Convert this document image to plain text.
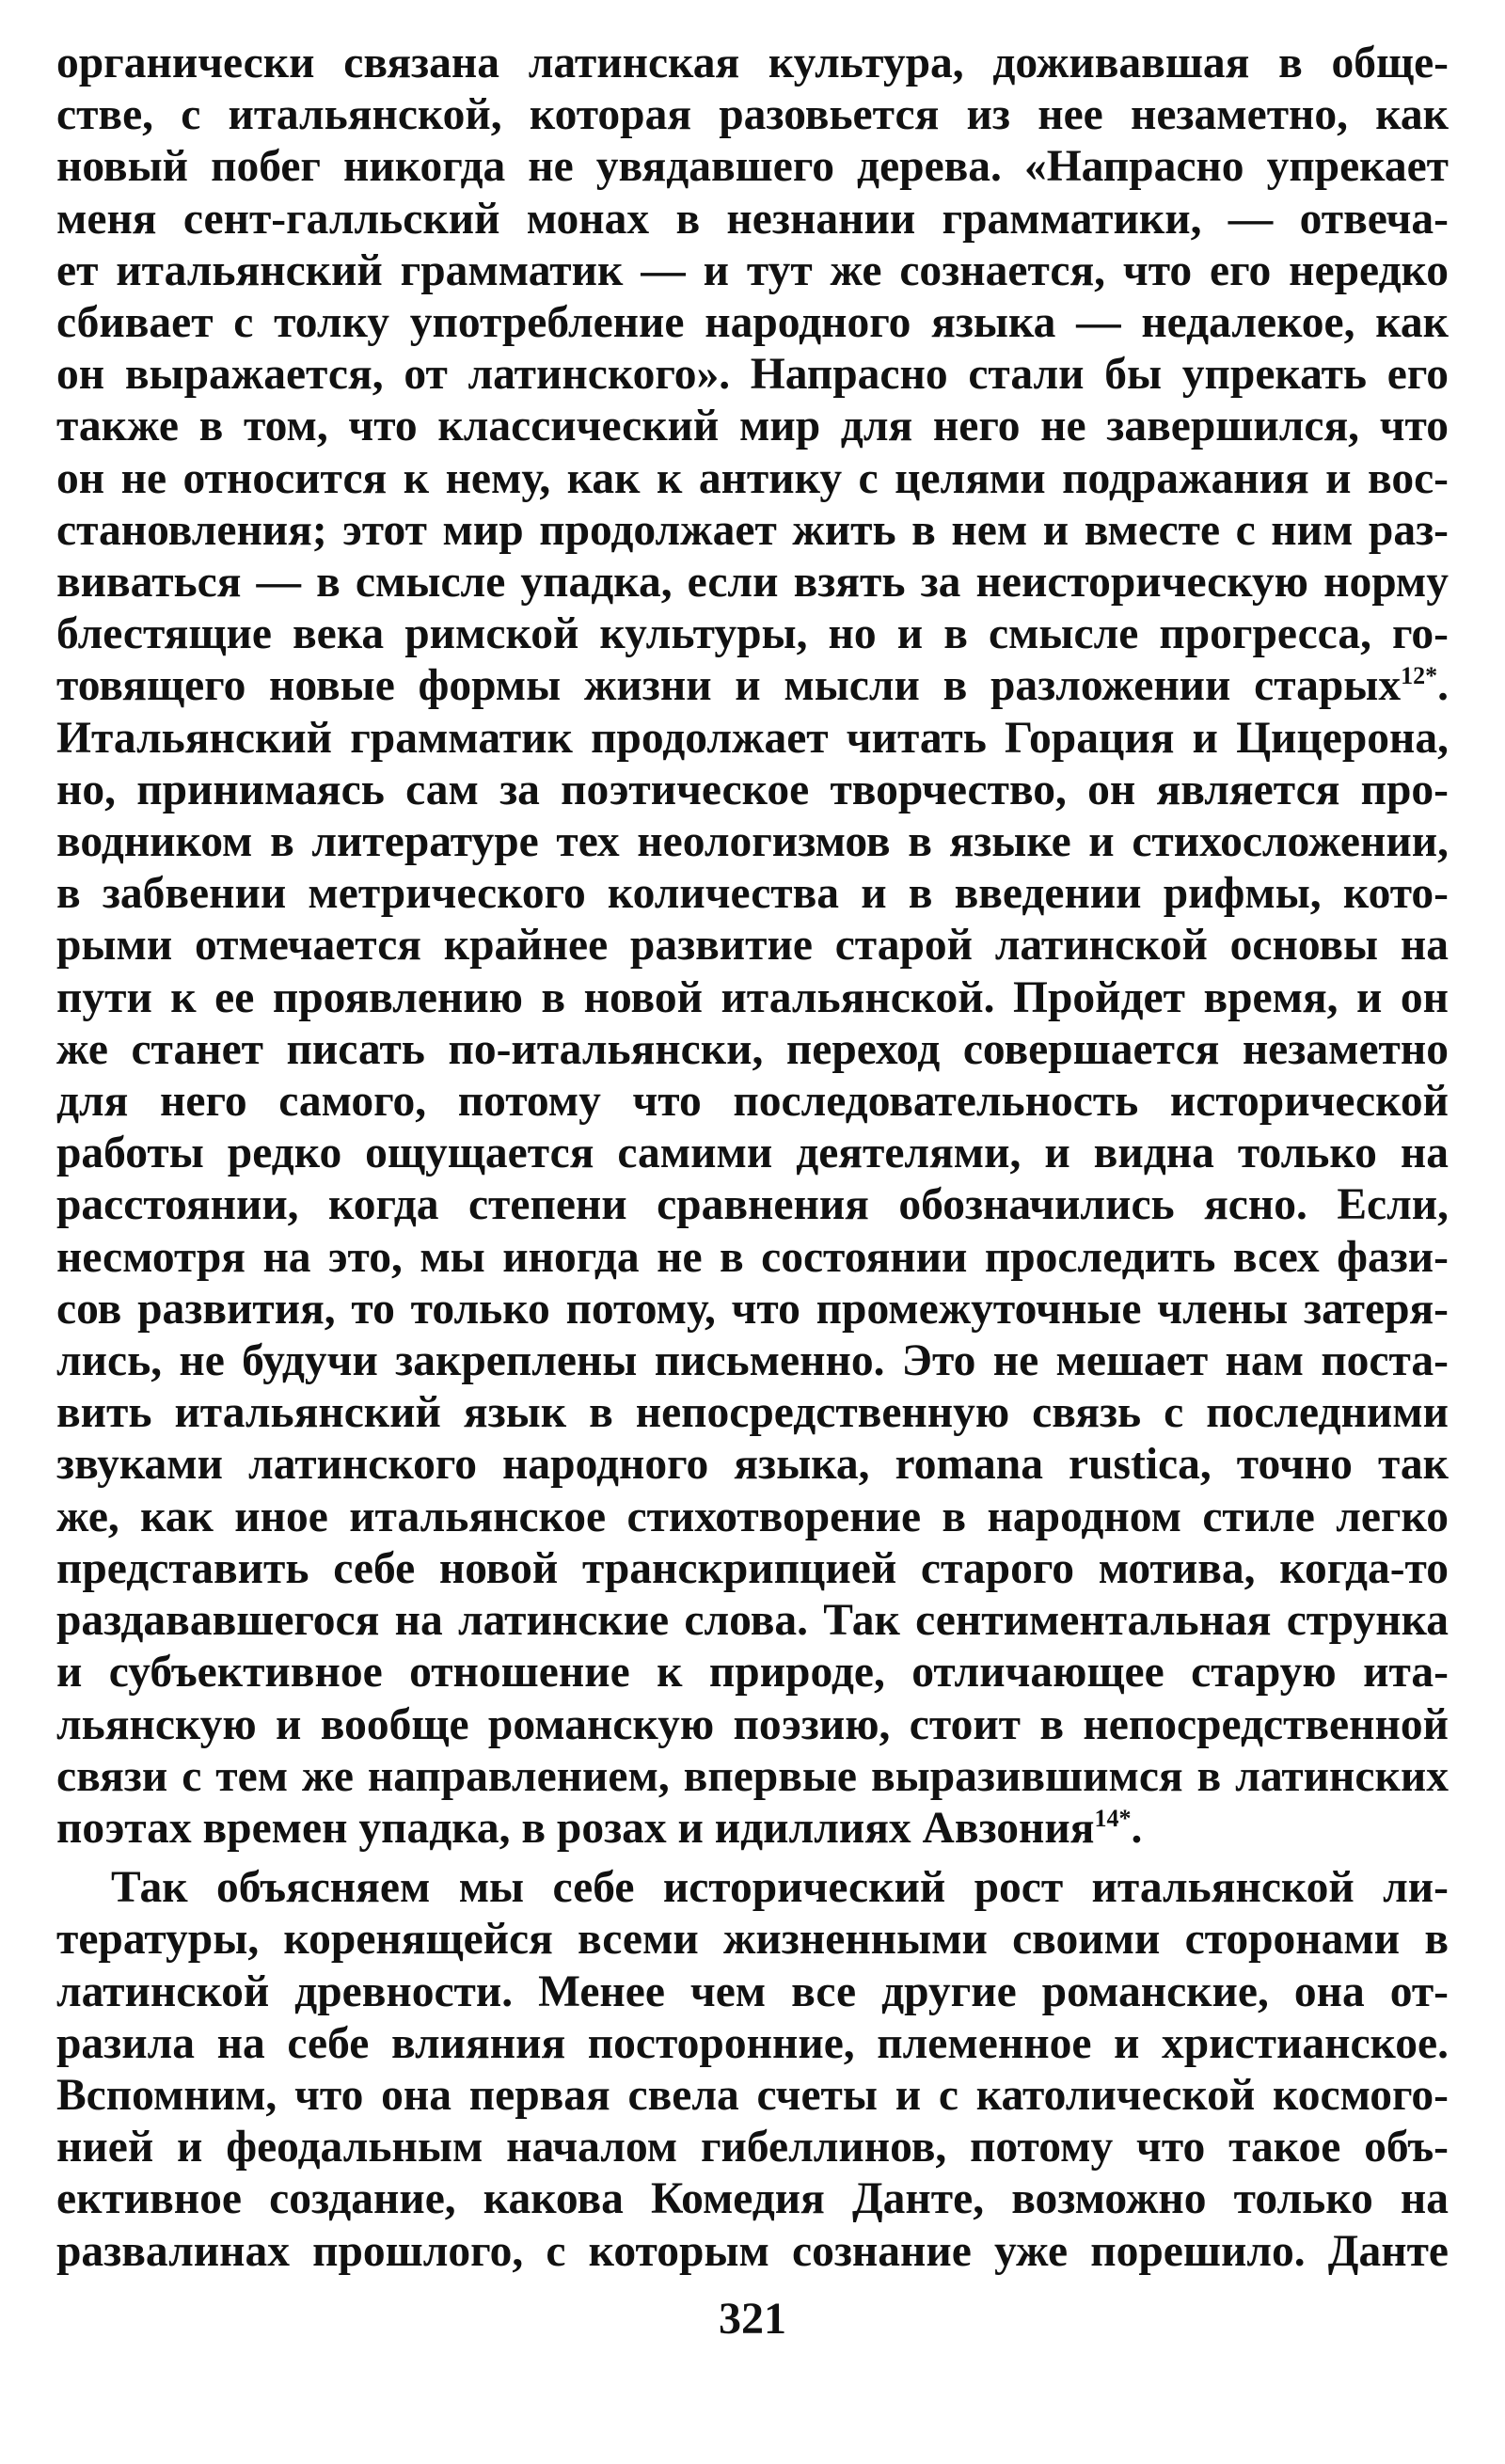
органически связана латинская культура, доживавшая в обще-
стве, с итальянской, которая разовьется из нее незаметно, как
новый побег никогда не увядавшего дерева. «Напрасно упрекает
меня сент-галльский монах в незнании грамматики, — отвеча-
ет итальянский грамматик — и тут же сознается, что его нередко
сбивает с толку употребление народного языка — недалекое, как
он выражается, от латинского». Напрасно стали бы упрекать его
также в том, что классический мир для него не завершился, что
он не относится к нему, как к антику с целями подражания и вос-
становления; этот мир продолжает жить в нем и вместе с ним раз-
виваться — в смысле упадка, если взять за неисторическую норму
блестящие века римской культуры, но и в смысле прогресса, го-
товящего новые формы жизни и мысли в разложении старых$^{12*}$.
Итальянский грамматик продолжает читать Горация и Цицерона,
но, принимаясь сам за поэтическое творчество, он является про-
водником в литературе тех неологизмов в языке и стихосложении,
в забвении метрического количества и в введении рифмы, кото-
рыми отмечается крайнее развитие старой латинской основы на
пути к ее проявлению в новой итальянской. Пройдет время, и он
же станет писать по-итальянски, переход совершается незаметно
для него самого, потому что последовательность исторической
работы редко ощущается самими деятелями, и видна только на
расстоянии, когда степени сравнения обозначились ясно. Если,
несмотря на это, мы иногда не в состоянии проследить всех фази-
сов развития, то только потому, что промежуточные члены затеря-
лись, не будучи закреплены письменно. Это не мешает нам поста-
вить итальянский язык в непосредственную связь с последними
звуками латинского народного языка, romana rustica, точно так
же, как иное итальянское стихотворение в народном стиле легко
представить себе новой транскрипцией старого мотива, когда-то
раздававшегося на латинские слова. Так сентиментальная струнка
и субъективное отношение к природе, отличающее старую ита-
льянскую и вообще романскую поэзию, стоит в непосредственной
связи с тем же направлением, впервые выразившимся в латинских
поэтах времен упадка, в розах и идиллиях Авзония$^{14*}$.

Так объясняем мы себе исторический рост итальянской ли-
тературы, коренящейся всеми жизненными своими сторонами в
латинской древности. Менее чем все другие романские, она от-
разила на себе влияния посторонние, племенное и христианское.
Вспомним, что она первая свела счеты и с католической космого-
нией и феодальным началом гибеллинов, потому что такое объ-
ективное создание, какова Комедия Данте, возможно только на
развалинах прошлого, с которым сознание уже порешило. Данте

321
